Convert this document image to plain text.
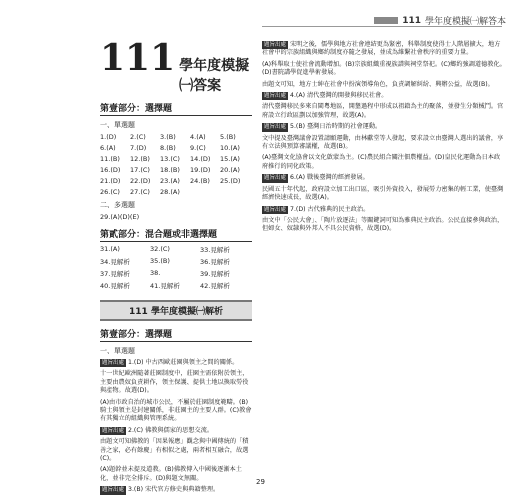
111 學年度模擬㈠解答本
111 學年度模擬㈠答案
第壹部分：選擇題
一、單選題
1.(D)	2.(C)	3.(B)	4.(A)	5.(B)
6.(A)	7.(D)	8.(B)	9.(C)	10.(A)
11.(B)	12.(B)	13.(C)	14.(D)	15.(A)
16.(D)	17.(C)	18.(B)	19.(D)	20.(A)
21.(D)	22.(D)	23.(A)	24.(B)	25.(D)
26.(C)	27.(C)	28.(A)
二、多選題
29.(A)(D)(E)
第貳部分：混合題或非選擇題
31.(A)	32.(C)	33.見解析
34.見解析	35.(B)	36.見解析
37.見解析	38.	39.見解析
40.見解析	41.見解析	42.見解析
111 學年度模擬㈠解析
第壹部分：選擇題
一、單選題
題旨出處 1.(D) 中古西歐莊園與領主之間的關係。
十一世紀歐洲隨著莊園制度中，莊園主需依附於領主，主要由農奴負責耕作，領主保護、提供土地以換取勞役與產物。故選(D)。
(A)由市政自治的城市公民，不屬於莊園制度範疇。(B)騎士與領主是封建關係，非莊園主的主要人群。(C)教會有其獨立的組織與管理系統。
題旨出處 2.(C) 佛教與儒家的思想交流。
由題文可知佛教的「因果報應」觀念與中國傳統的「積善之家，必有餘慶」有相似之處，兩者相互融合，故選(C)。
(A)題幹並未提及道教。(B)佛教傳入中國後逐漸本土化，並非完全排斥。(D)與題文無關。
題旨出處 3.(B) 宋代官方修史與典籍整理。
題旨出處 宋明之後，儒學與地方社會連結更為緊密，科舉制度使得士人階層擴大，地方社會中的宗族組織與鄉約制度亦隨之發展，並成為維繫社會秩序的重要力量。
(A)科舉取士使社會流動增加。(B)宗族組織重視族譜與祠堂祭祀。(C)鄉約強調道德教化。(D)書院講學促進學術發展。
由題文可知，地方士紳在社會中扮演領導角色，負責調解糾紛、興辦公益，故選(B)。
題旨出處 4.(A) 清代臺灣的開發與移民社會。
清代臺灣移民多來自閩粵地區，開墾過程中形成以祖籍為主的聚落，並發生分類械鬥。官府設立行政區劃以加強管理，故選(A)。
題旨出處 5.(B) 臺灣日治時期的社會運動。
文中提及臺灣議會設置請願運動，由林獻堂等人發起，要求設立由臺灣人選出的議會，享有立法與預算審議權，故選(B)。
(A)臺灣文化協會以文化啟蒙為主。(C)農民組合關注佃農權益。(D)皇民化運動為日本政府推行的同化政策。
題旨出處 6.(A) 戰後臺灣的經濟發展。
民國五十年代起，政府設立加工出口區，吸引外資投入，發展勞力密集的輕工業，使臺灣經濟快速成長，故選(A)。
題旨出處 7.(D) 古代雅典的民主政治。
由文中「公民大會」、「陶片放逐法」等關鍵詞可知為雅典民主政治。公民直接參與政治，但婦女、奴隸與外邦人不具公民資格，故選(D)。
29
